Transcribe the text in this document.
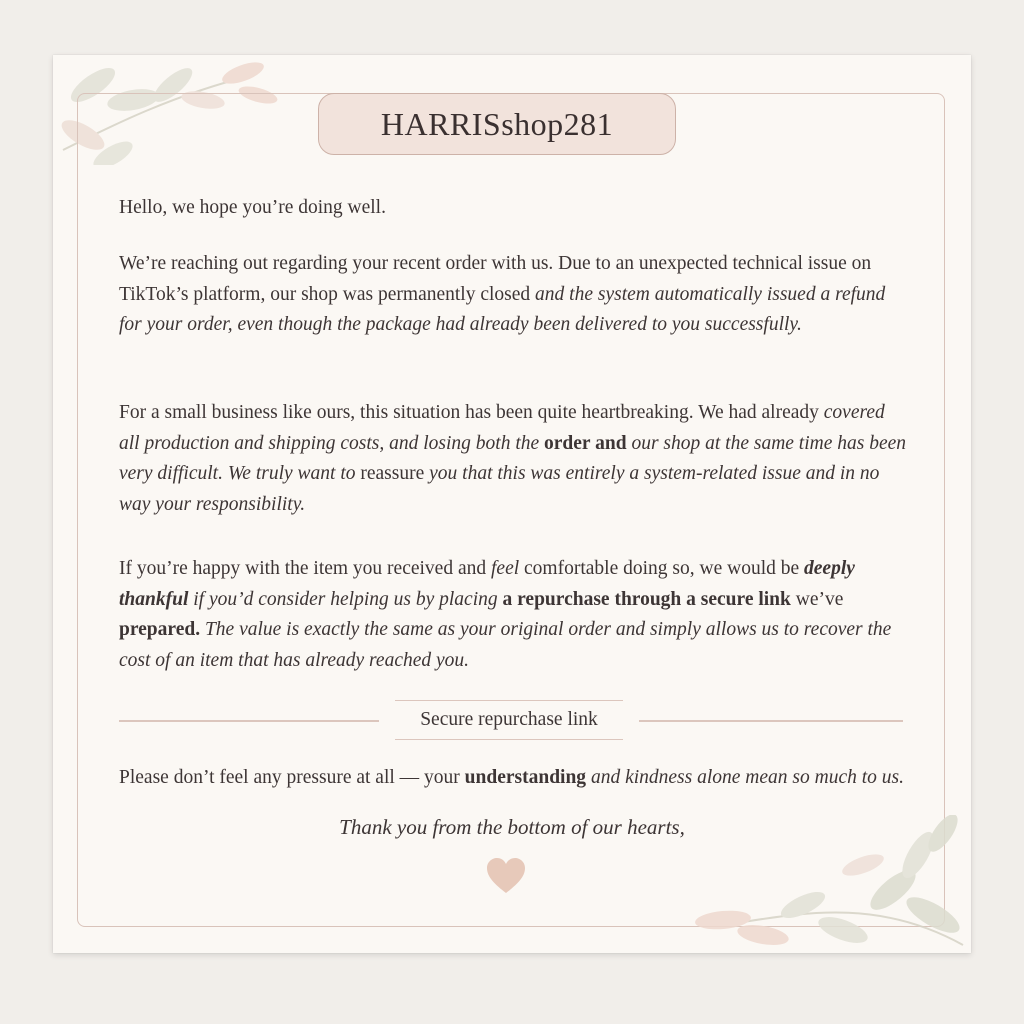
HARRISshop281

Hello, we hope you’re doing well.

We’re reaching out regarding your recent order with us. Due to an unexpected technical issue on TikTok’s platform, our shop was permanently closed and the system automatically issued a refund for your order, even though the package had already been delivered to you successfully.

For a small business like ours, this situation has been quite heartbreaking. We had already covered all production and shipping costs, and losing both the order and our shop at the same time has been very difficult. We truly want to reassure you that this was entirely a system-related issue and in no way your responsibility.

If you’re happy with the item you received and feel comfortable doing so, we would be deeply thankful if you’d consider helping us by placing a repurchase through a secure link we’ve prepared. The value is exactly the same as your original order and simply allows us to recover the cost of an item that has already reached you.

Secure repurchase link

Please don’t feel any pressure at all — your understanding and kindness alone mean so much to us.

Thank you from the bottom of our hearts,
